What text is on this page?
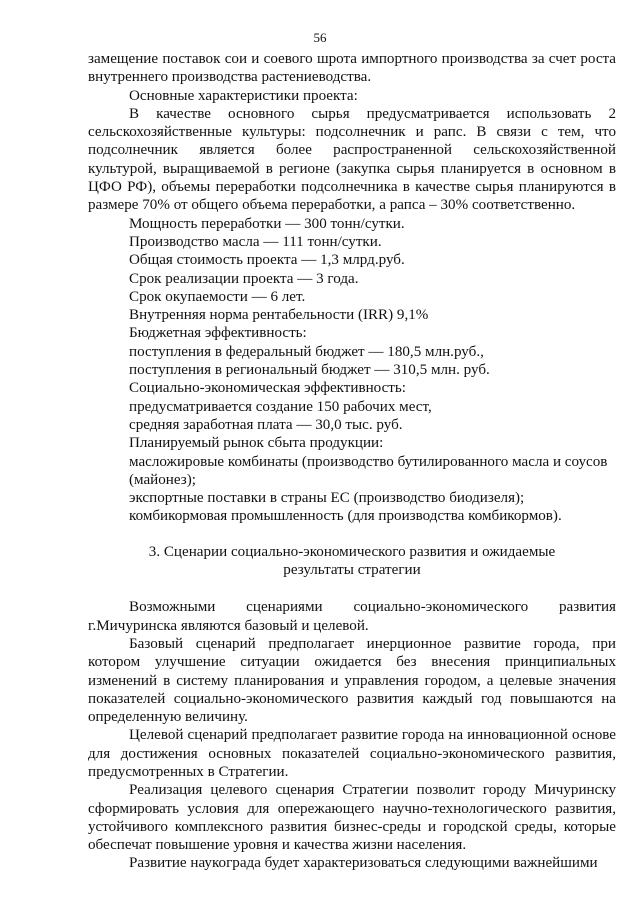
56

замещение поставок сои и соевого шрота импортного производства за счет роста внутреннего производства растениеводства.

Основные характеристики проекта:

В качестве основного сырья предусматривается использовать 2 сельскохозяйственные культуры: подсолнечник и рапс. В связи с тем, что подсолнечник является более распространенной сельскохозяйственной культурой, выращиваемой в регионе (закупка сырья планируется в основном в ЦФО РФ), объемы переработки подсолнечника в качестве сырья планируются в размере 70% от общего объема переработки, а рапса – 30% соответственно.

Мощность переработки — 300 тонн/сутки.

Производство масла — 111 тонн/сутки.

Общая стоимость проекта — 1,3 млрд.руб.

Срок реализации проекта — 3 года.

Срок окупаемости — 6 лет.

Внутренняя норма рентабельности (IRR) 9,1%

Бюджетная эффективность:

поступления в федеральный бюджет — 180,5 млн.руб.,

поступления в региональный бюджет — 310,5 млн. руб.

Социально-экономическая эффективность:

предусматривается создание 150 рабочих мест,

средняя заработная плата — 30,0 тыс. руб.

Планируемый рынок сбыта продукции:

масложировые комбинаты (производство бутилированного масла и соусов (майонез);

экспортные поставки в страны ЕС (производство биодизеля);

комбикормовая промышленность (для производства комбикормов).

3. Сценарии социально-экономического развития и ожидаемые результаты стратегии

Возможными сценариями социально-экономического развития г.Мичуринска являются базовый и целевой.

Базовый сценарий предполагает инерционное развитие города, при котором улучшение ситуации ожидается без внесения принципиальных изменений в систему планирования и управления городом, а целевые значения показателей социально-экономического развития каждый год повышаются на определенную величину.

Целевой сценарий предполагает развитие города на инновационной основе для достижения основных показателей социально-экономического развития, предусмотренных в Стратегии.

Реализация целевого сценария Стратегии позволит городу Мичуринску сформировать условия для опережающего научно-технологического развития, устойчивого комплексного развития бизнес-среды и городской среды, которые обеспечат повышение уровня и качества жизни населения.

Развитие наукограда будет характеризоваться следующими важнейшими
